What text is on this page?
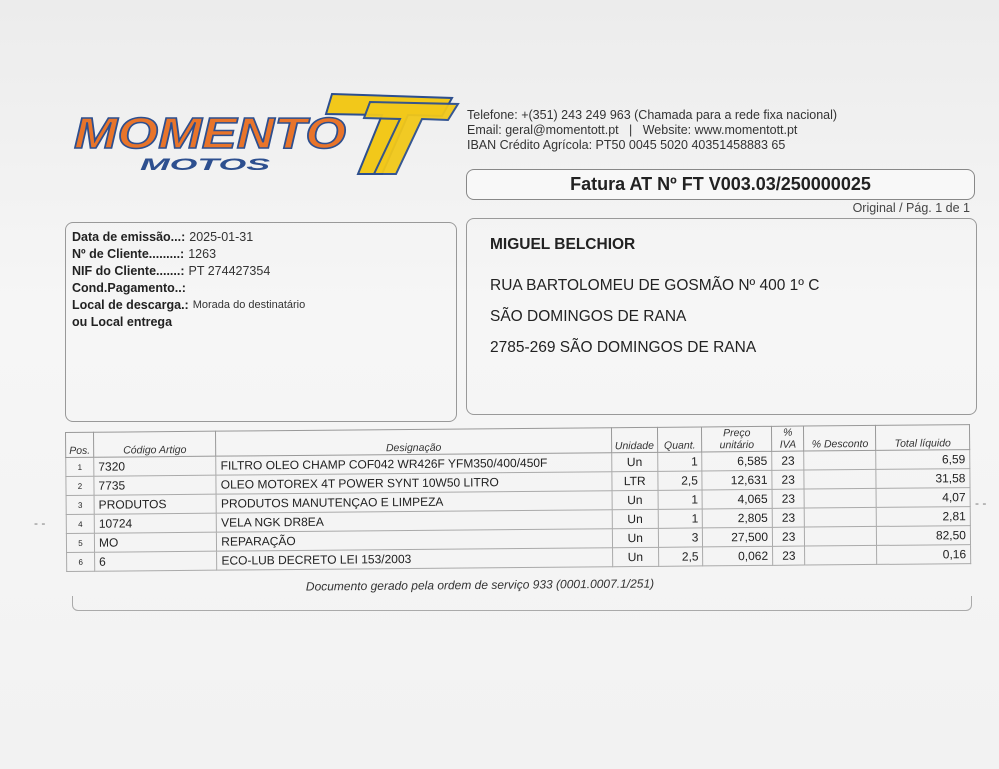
MOMENTO
MOTOS
Telefone: +(351) 243 249 963 (Chamada para a rede fixa nacional)
Email: geral@momentott.pt   |   Website: www.momentott.pt
IBAN Crédito Agrícola: PT50 0045 5020 40351458883 65
Fatura AT Nº FT V003.03/250000025
Original / Pág. 1 de 1
Data de emissão...: 2025-01-31
Nº de Cliente.........: 1263
NIF do Cliente.......: PT 274427354
Cond.Pagamento..:
Local de descarga.: Morada do destinatário
ou Local entrega
MIGUEL BELCHIOR
RUA BARTOLOMEU DE GOSMÃO Nº 400 1º C
SÃO DOMINGOS DE RANA
2785-269 SÃO DOMINGOS DE RANA
Pos.	Código Artigo	Designação	Unidade	Quant.	Preço unitário	% IVA	% Desconto	Total líquido
1	7320	FILTRO OLEO CHAMP COF042 WR426F YFM350/400/450F	Un	1	6,585	23		6,59
2	7735	OLEO MOTOREX 4T POWER SYNT 10W50 LITRO	LTR	2,5	12,631	23		31,58
3	PRODUTOS	PRODUTOS MANUTENÇAO E LIMPEZA	Un	1	4,065	23		4,07
4	10724	VELA NGK DR8EA	Un	1	2,805	23		2,81
5	MO	REPARAÇÃO	Un	3	27,500	23		82,50
6	6	ECO-LUB DECRETO LEI 153/2003	Un	2,5	0,062	23		0,16
Documento gerado pela ordem de serviço 933 (0001.0007.1/251)
- -
- -
